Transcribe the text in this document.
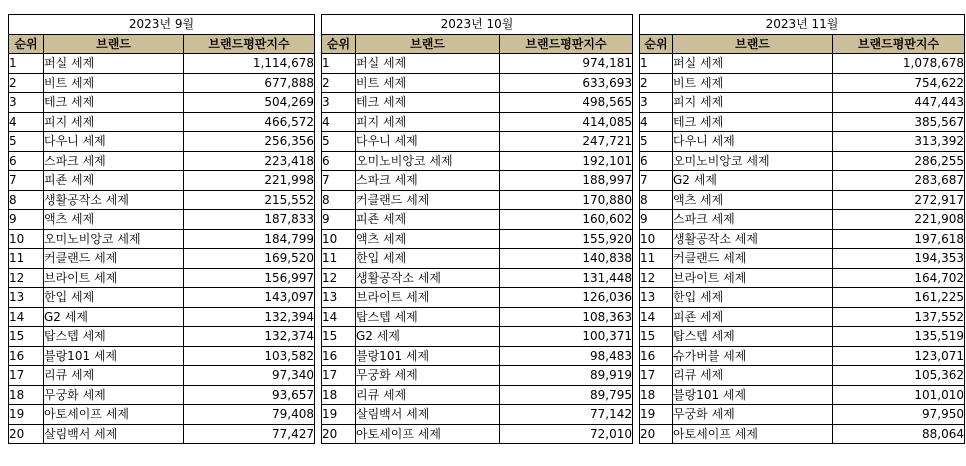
2023년 9월		
순위	브랜드	브랜드평판지수
1	퍼실 세제	1,114,678
2	비트 세제	677,888
3	테크 세제	504,269
4	피지 세제	466,572
5	다우니 세제	256,356
6	스파크 세제	223,418
7	피죤 세제	221,998
8	생활공작소 세제	215,552
9	액츠 세제	187,833
10	오미노비앙코 세제	184,799
11	커클랜드 세제	169,520
12	브라이트 세제	156,997
13	한입 세제	143,097
14	G2 세제	132,394
15	탑스텝 세제	132,374
16	블랑101 세제	103,582
17	리큐 세제	97,340
18	무궁화 세제	93,657
19	아토세이프 세제	79,408
20	살림백서 세제	77,427
2023년 10월		
순위	브랜드	브랜드평판지수
1	퍼실 세제	974,181
2	비트 세제	633,693
3	테크 세제	498,565
4	피지 세제	414,085
5	다우니 세제	247,721
6	오미노비앙코 세제	192,101
7	스파크 세제	188,997
8	커클랜드 세제	170,880
9	피죤 세제	160,602
10	액츠 세제	155,920
11	한입 세제	140,838
12	생활공작소 세제	131,448
13	브라이트 세제	126,036
14	탑스텝 세제	108,363
15	G2 세제	100,371
16	블랑101 세제	98,483
17	무궁화 세제	89,919
18	리큐 세제	89,795
19	살림백서 세제	77,142
20	아토세이프 세제	72,010
2023년 11월		
순위	브랜드	브랜드평판지수
1	퍼실 세제	1,078,678
2	비트 세제	754,622
3	피지 세제	447,443
4	테크 세제	385,567
5	다우니 세제	313,392
6	오미노비앙코 세제	286,255
7	G2 세제	283,687
8	액츠 세제	272,917
9	스파크 세제	221,908
10	생활공작소 세제	197,618
11	커클랜드 세제	194,353
12	브라이트 세제	164,702
13	한입 세제	161,225
14	피죤 세제	137,552
15	탑스텝 세제	135,519
16	슈가버블 세제	123,071
17	리큐 세제	105,362
18	블랑101 세제	101,010
19	무궁화 세제	97,950
20	아토세이프 세제	88,064
